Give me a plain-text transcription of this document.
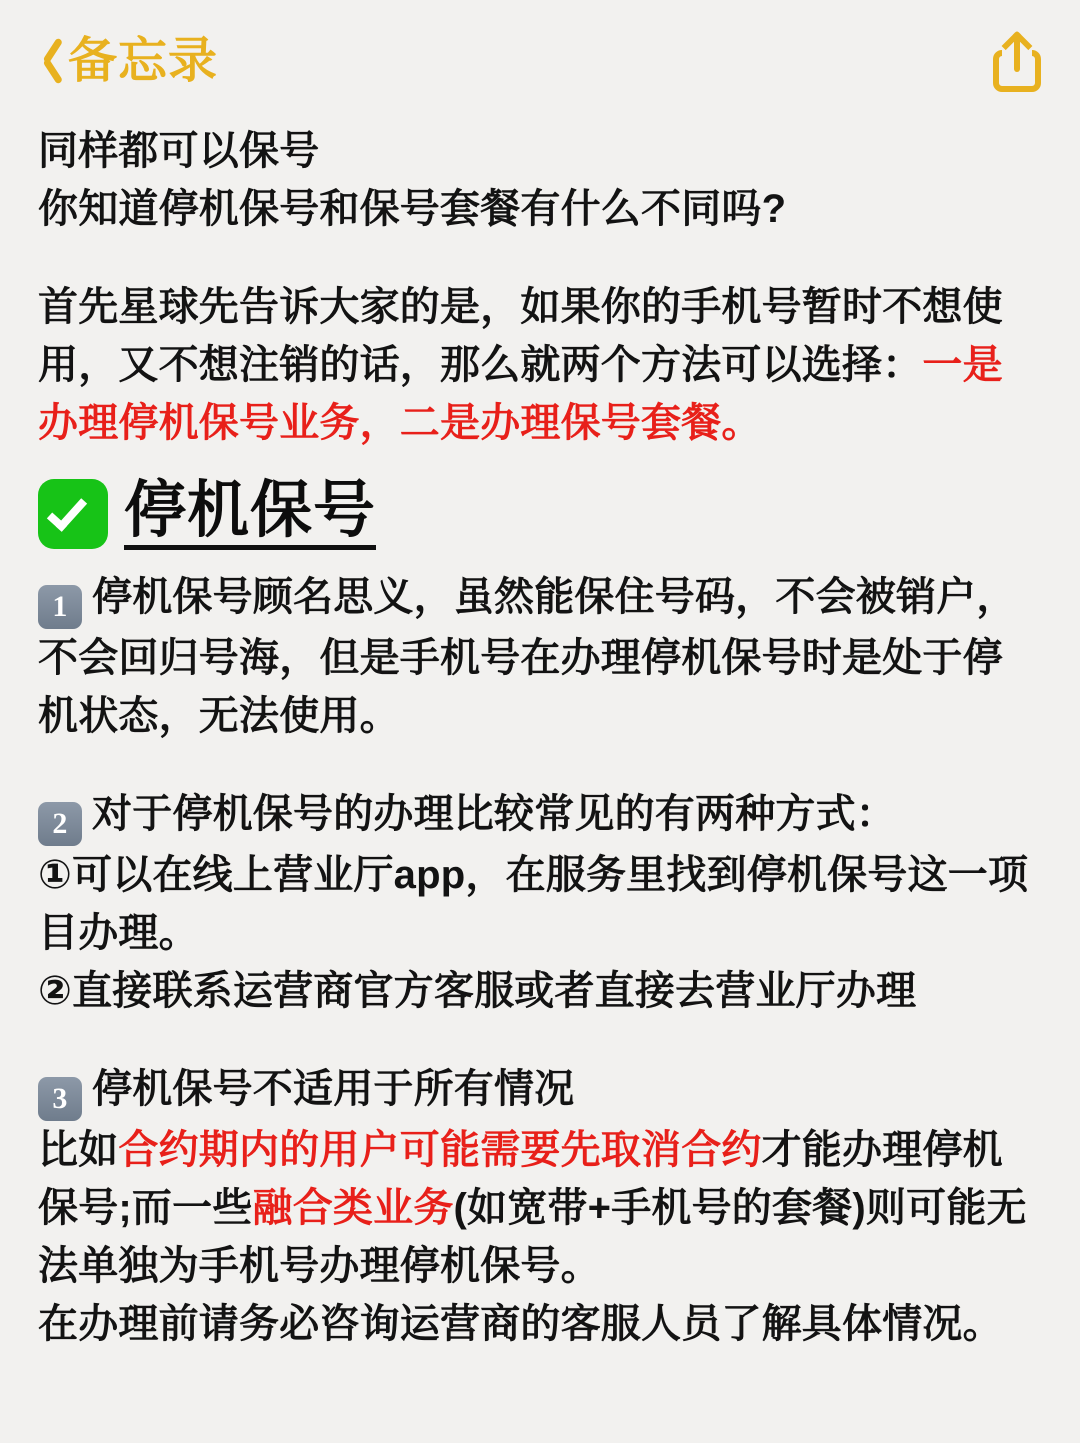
备忘录

同样都可以保号

你知道停机保号和保号套餐有什么不同吗?

首先星球先告诉大家的是，如果你的手机号暂时不想使用，又不想注销的话，那么就两个方法可以选择：一是办理停机保号业务，二是办理保号套餐。

停机保号

1 停机保号顾名思义，虽然能保住号码，不会被销户，不会回归号海，但是手机号在办理停机保号时是处于停机状态，无法使用。

2 对于停机保号的办理比较常见的有两种方式：

①可以在线上营业厅app，在服务里找到停机保号这一项目办理。

②直接联系运营商官方客服或者直接去营业厅办理

3 停机保号不适用于所有情况

比如合约期内的用户可能需要先取消合约才能办理停机保号;而一些融合类业务(如宽带+手机号的套餐)则可能无法单独为手机号办理停机保号。

在办理前请务必咨询运营商的客服人员了解具体情况。
